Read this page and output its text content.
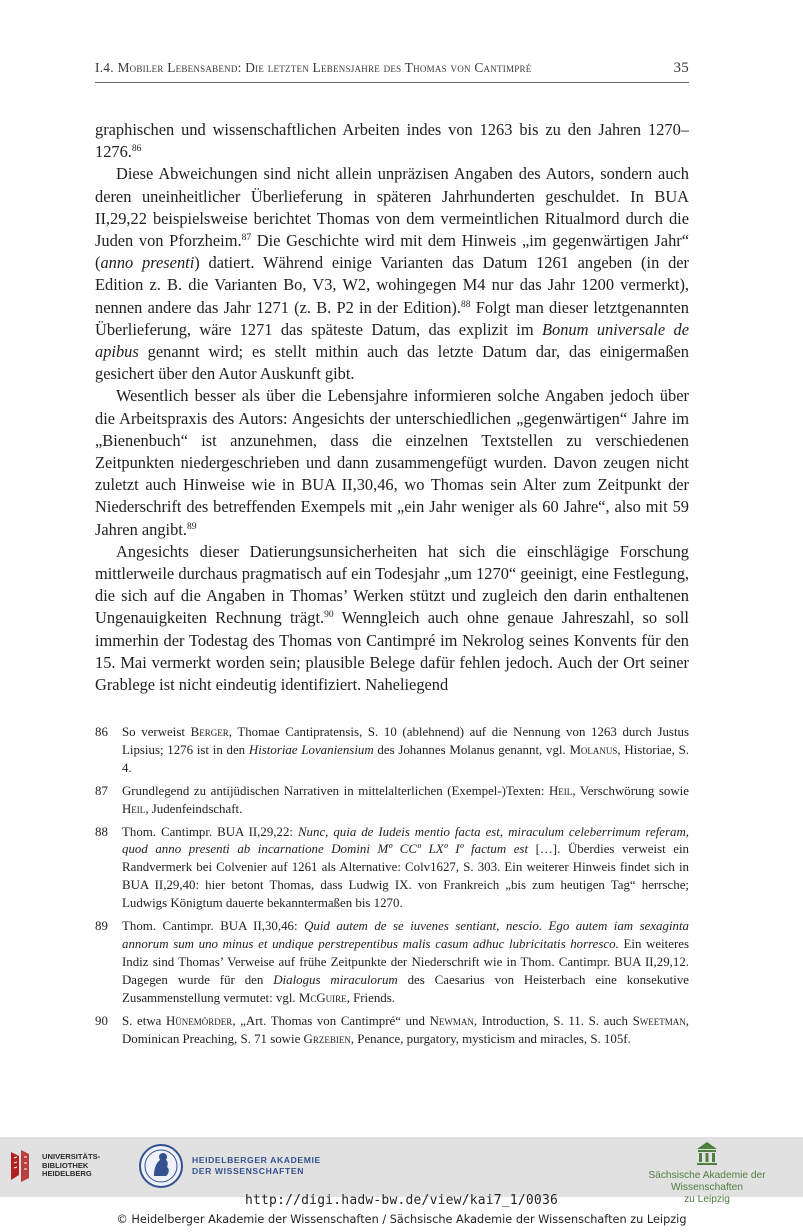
I.4. Mobiler Lebensabend: Die letzten Lebensjahre des Thomas von Cantimpré	35

graphischen und wissenschaftlichen Arbeiten indes von 1263 bis zu den Jahren 1270–1276.86

Diese Abweichungen sind nicht allein unpräzisen Angaben des Autors, sondern auch deren uneinheitlicher Überlieferung in späteren Jahrhunderten geschuldet. In BUA II,29,22 beispielsweise berichtet Thomas von dem vermeintlichen Ritualmord durch die Juden von Pforzheim.$^{87}$ Die Geschichte wird mit dem Hinweis „im gegenwärtigen Jahr“ (anno presenti) datiert. Während einige Varianten das Datum 1261 angeben (in der Edition z. B. die Varianten Bo, V3, W2, wohingegen M4 nur das Jahr 1200 vermerkt), nennen andere das Jahr 1271 (z. B. P2 in der Edition).$^{88}$ Folgt man dieser letztgenannten Überlieferung, wäre 1271 das späteste Datum, das explizit im Bonum universale de apibus genannt wird; es stellt mithin auch das letzte Datum dar, das einigermaßen gesichert über den Autor Auskunft gibt.

Wesentlich besser als über die Lebensjahre informieren solche Angaben jedoch über die Arbeitspraxis des Autors: Angesichts der unterschiedlichen „gegenwärtigen“ Jahre im „Bienenbuch“ ist anzunehmen, dass die einzelnen Textstellen zu verschiedenen Zeitpunkten niedergeschrieben und dann zusammengefügt wurden. Davon zeugen nicht zuletzt auch Hinweise wie in BUA II,30,46, wo Thomas sein Alter zum Zeitpunkt der Niederschrift des betreffenden Exempels mit „ein Jahr weniger als 60 Jahre“, also mit 59 Jahren angibt.$^{89}$

Angesichts dieser Datierungsunsicherheiten hat sich die einschlägige Forschung mittlerweile durchaus pragmatisch auf ein Todesjahr „um 1270“ geeinigt, eine Festlegung, die sich auf die Angaben in Thomas’ Werken stützt und zugleich den darin enthaltenen Ungenauigkeiten Rechnung trägt.$^{90}$ Wenngleich auch ohne genaue Jahreszahl, so soll immerhin der Todestag des Thomas von Cantimpré im Nekrolog seines Konvents für den 15. Mai vermerkt worden sein; plausible Belege dafür fehlen jedoch. Auch der Ort seiner Grablege ist nicht eindeutig identifiziert. Naheliegend

86	So verweist Berger, Thomae Cantipratensis, S. 10 (ablehnend) auf die Nennung von 1263 durch Justus Lipsius; 1276 ist in den Historiae Lovaniensium des Johannes Molanus genannt, vgl. Molanus, Historiae, S. 4.
87	Grundlegend zu antijüdischen Narrativen in mittelalterlichen (Exempel-)Texten: Heil, Verschwörung sowie Heil, Judenfeindschaft.
88	Thom. Cantimpr. BUA II,29,22: Nunc, quia de Iudeis mentio facta est, miraculum celeberrimum referam, quod anno presenti ab incarnatione Domini Mº CCº LXº Iº factum est […]. Überdies verweist ein Randvermerk bei Colvenier auf 1261 als Alternative: Colv1627, S. 303. Ein weiterer Hinweis findet sich in BUA II,29,40: hier betont Thomas, dass Ludwig IX. von Frankreich „bis zum heutigen Tag“ herrsche; Ludwigs Königtum dauerte bekanntermaßen bis 1270.
89	Thom. Cantimpr. BUA II,30,46: Quid autem de se iuvenes sentiant, nescio. Ego autem iam sexaginta annorum sum uno minus et undique perstrepentibus malis casum adhuc lubricitatis horresco. Ein weiteres Indiz sind Thomas’ Verweise auf frühe Zeitpunkte der Niederschrift wie in Thom. Cantimpr. BUA II,29,12. Dagegen wurde für den Dialogus miraculorum des Caesarius von Heisterbach eine konsekutive Zusammenstellung vermutet: vgl. McGuire, Friends.
90	S. etwa Hünemörder, „Art. Thomas von Cantimpré“ und Newman, Introduction, S. 11. S. auch Sweetman, Dominican Preaching, S. 71 sowie Grzebien, Penance, purgatory, mysticism and miracles, S. 105f.
UNIVERSITÄTS-
BIBLIOTHEK
HEIDELBERG
HEIDELBERGER AKADEMIE
DER WISSENSCHAFTEN	Sächsische Akademie der Wissenschaften
zu Leipzig
http://digi.hadw-bw.de/view/kai7_1/0036
© Heidelberger Akademie der Wissenschaften / Sächsische Akademie der Wissenschaften zu Leipzig
